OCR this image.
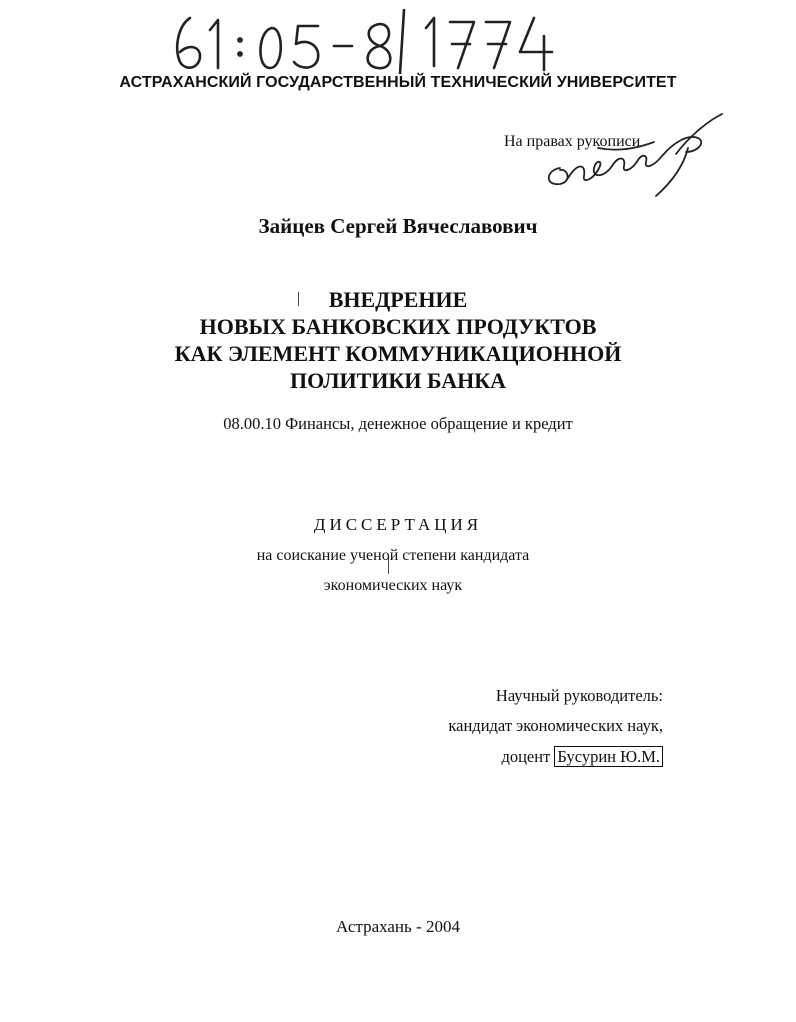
АСТРАХАНСКИЙ ГОСУДАРСТВЕННЫЙ ТЕХНИЧЕСКИЙ УНИВЕРСИТЕТ
На правах рукописи
Зайцев Сергей Вячеславович
ВНЕДРЕНИЕ
НОВЫХ БАНКОВСКИХ ПРОДУКТОВ
КАК ЭЛЕМЕНТ КОММУНИКАЦИОННОЙ
ПОЛИТИКИ БАНКА
08.00.10 Финансы, денежное обращение и кредит
ДИССЕРТАЦИЯ
на соискание ученой степени кандидата
экономических наук
Научный руководитель:
кандидат экономических наук,
доцент Бусурин Ю.М.
Астрахань - 2004
